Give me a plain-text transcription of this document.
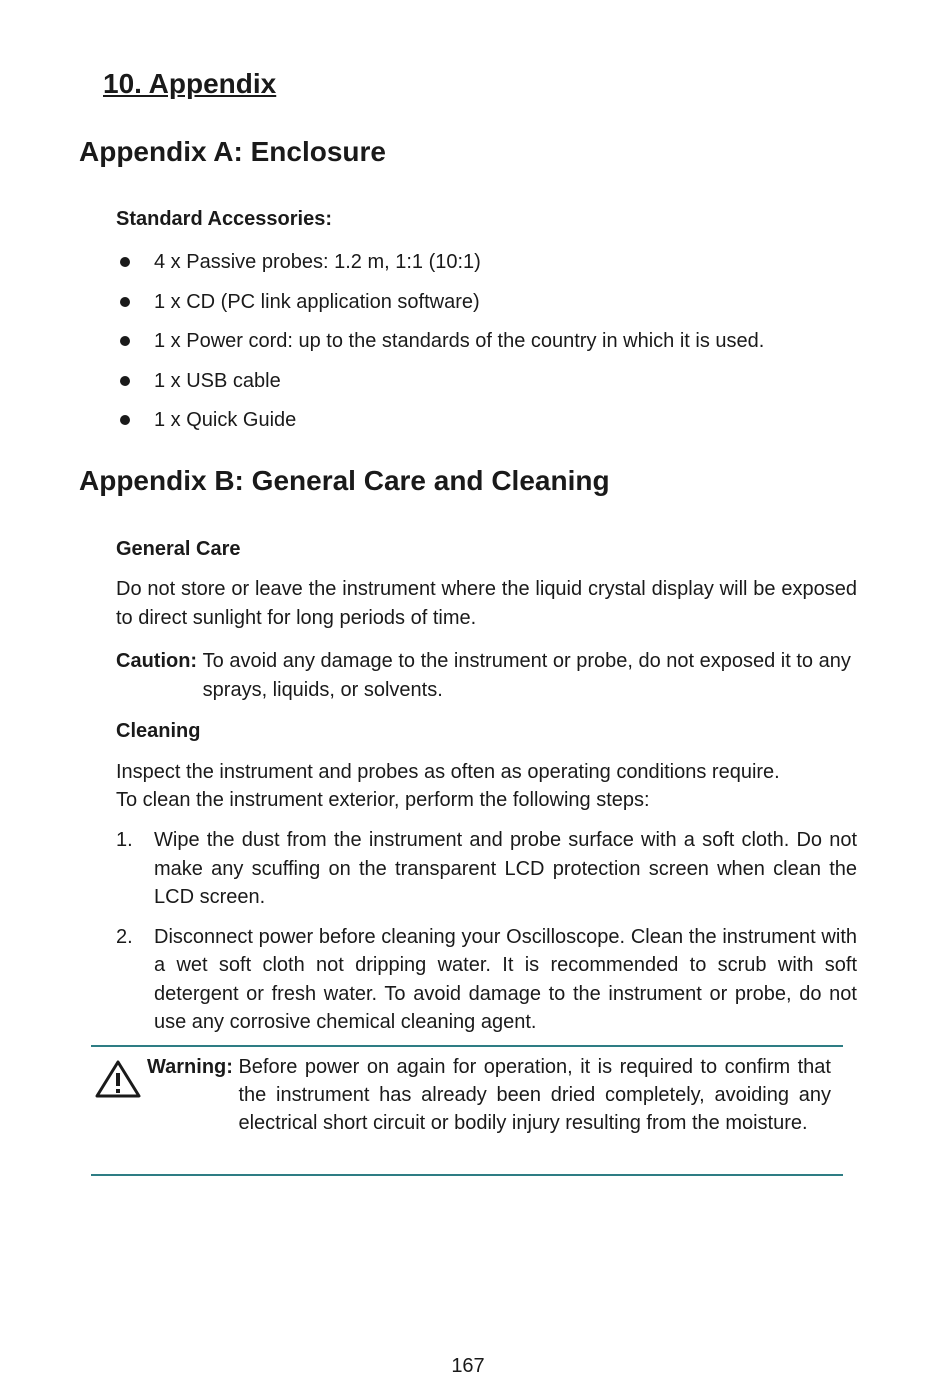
10. Appendix
Appendix A: Enclosure
Standard Accessories:
4 x Passive probes: 1.2 m, 1:1 (10:1)
1 x CD (PC link application software)
1 x Power cord: up to the standards of the country in which it is used.
1 x USB cable
1 x Quick Guide
Appendix B: General Care and Cleaning
General Care

Do not store or leave the instrument where the liquid crystal display will be exposed to direct sunlight for long periods of time.

Caution: To avoid any damage to the instrument or probe, do not exposed it to any sprays, liquids, or solvents.
Cleaning

Inspect the instrument and probes as often as operating conditions require.

To clean the instrument exterior, perform the following steps:

1.	Wipe the dust from the instrument and probe surface with a soft cloth. Do not make any scuffing on the transparent LCD protection screen when clean the LCD screen.
2.	Disconnect power before cleaning your Oscilloscope. Clean the instrument with a wet soft cloth not dripping water. It is recommended to scrub with soft detergent or fresh water. To avoid damage to the instrument or probe, do not use any corrosive chemical cleaning agent.
Warning: Before power on again for operation, it is required to confirm that the instrument has already been dried completely, avoiding any electrical short circuit or bodily injury resulting from the moisture.
167
